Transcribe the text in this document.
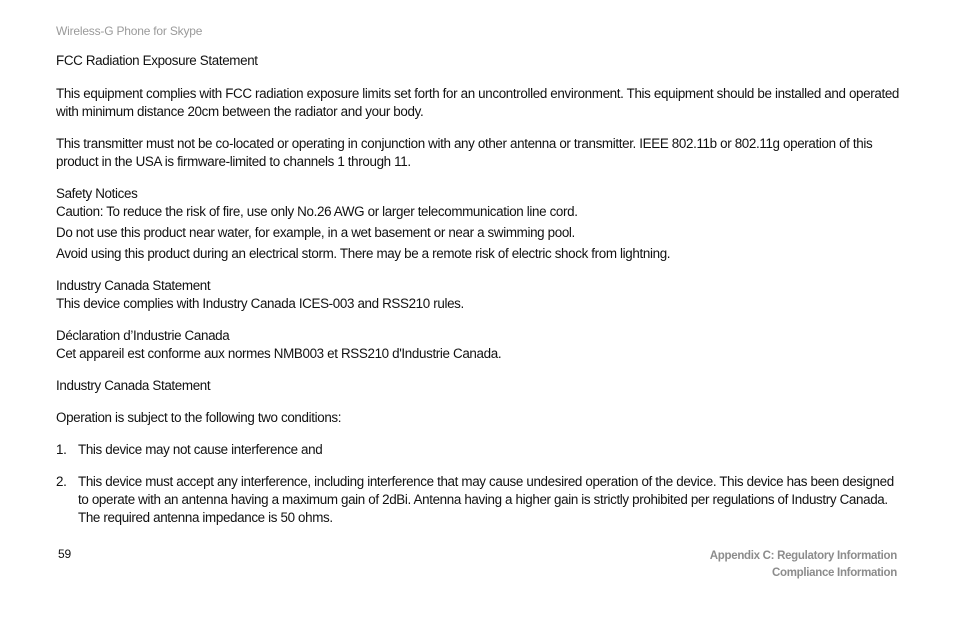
Wireless-G Phone for Skype

FCC Radiation Exposure Statement

This equipment complies with FCC radiation exposure limits set forth for an uncontrolled environment. This equipment should be installed and operated with minimum distance 20cm between the radiator and your body.

This transmitter must not be co-located or operating in conjunction with any other antenna or transmitter. IEEE 802.11b or 802.11g operation of this product in the USA is firmware-limited to channels 1 through 11.

Safety Notices

Caution: To reduce the risk of fire, use only No.26 AWG or larger telecommunication line cord.

Do not use this product near water, for example, in a wet basement or near a swimming pool.

Avoid using this product during an electrical storm. There may be a remote risk of electric shock from lightning.

Industry Canada Statement

This device complies with Industry Canada ICES-003 and RSS210 rules.

Déclaration d’Industrie Canada

Cet appareil est conforme aux normes NMB003 et RSS210 d'Industrie Canada.

Industry Canada Statement

Operation is subject to the following two conditions:

1. This device may not cause interference and
2. This device must accept any interference, including interference that may cause undesired operation of the device. This device has been designed to operate with an antenna having a maximum gain of 2dBi. Antenna having a higher gain is strictly prohibited per regulations of Industry Canada. The required antenna impedance is 50 ohms.
59	Appendix C: Regulatory Information
Compliance Information
